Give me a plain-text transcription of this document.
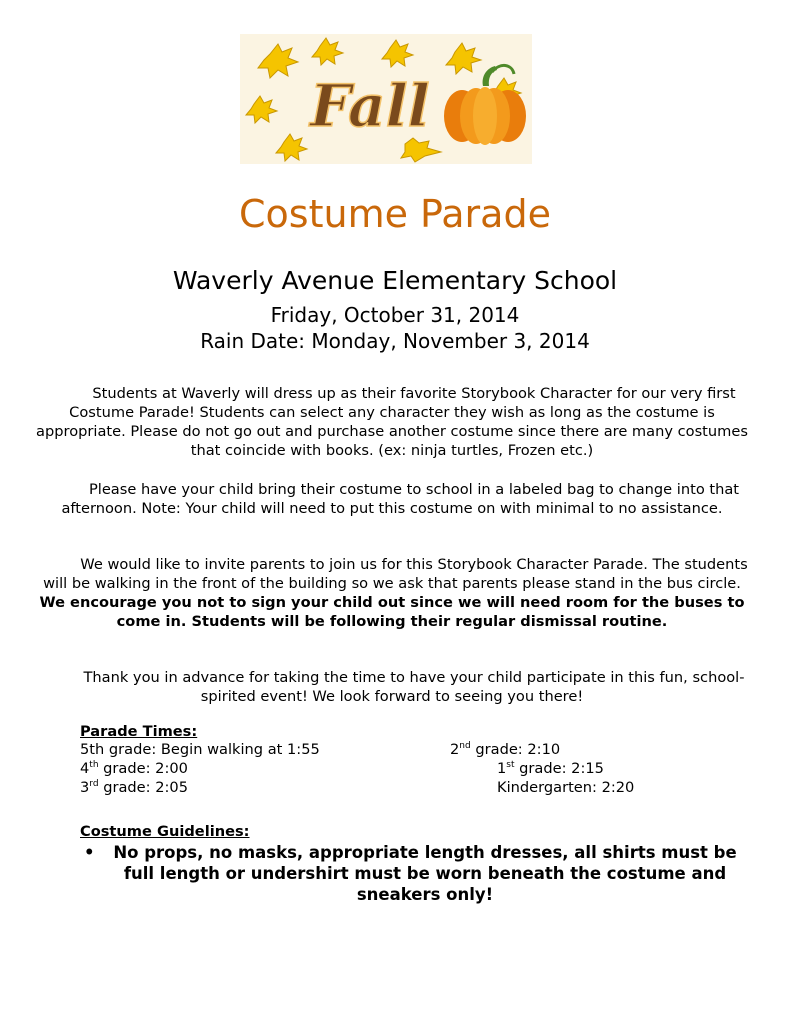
Fall
Costume Parade
Waverly Avenue Elementary School
Friday, October 31, 2014
Rain Date: Monday, November 3, 2014
Students at Waverly will dress up as their favorite Storybook Character for our very first Costume Parade! Students can select any character they wish as long as the costume is appropriate. Please do not go out and purchase another costume since there are many costumes that coincide with books. (ex: ninja turtles, Frozen etc.)
Please have your child bring their costume to school in a labeled bag to change into that afternoon. Note: Your child will need to put this costume on with minimal to no assistance.
We would like to invite parents to join us for this Storybook Character Parade. The students will be walking in the front of the building so we ask that parents please stand in the bus circle. We encourage you not to sign your child out since we will need room for the buses to come in. Students will be following their regular dismissal routine.
Thank you in advance for taking the time to have your child participate in this fun, school-spirited event! We look forward to seeing you there!
Parade Times:
5th grade: Begin walking at 1:55
4th grade: 2:00
3rd grade: 2:05
2nd grade: 2:10
1st grade: 2:15
Kindergarten: 2:20
Costume Guidelines:
•	No props, no masks, appropriate length dresses, all shirts must be full length or undershirt must be worn beneath the costume and sneakers only!
